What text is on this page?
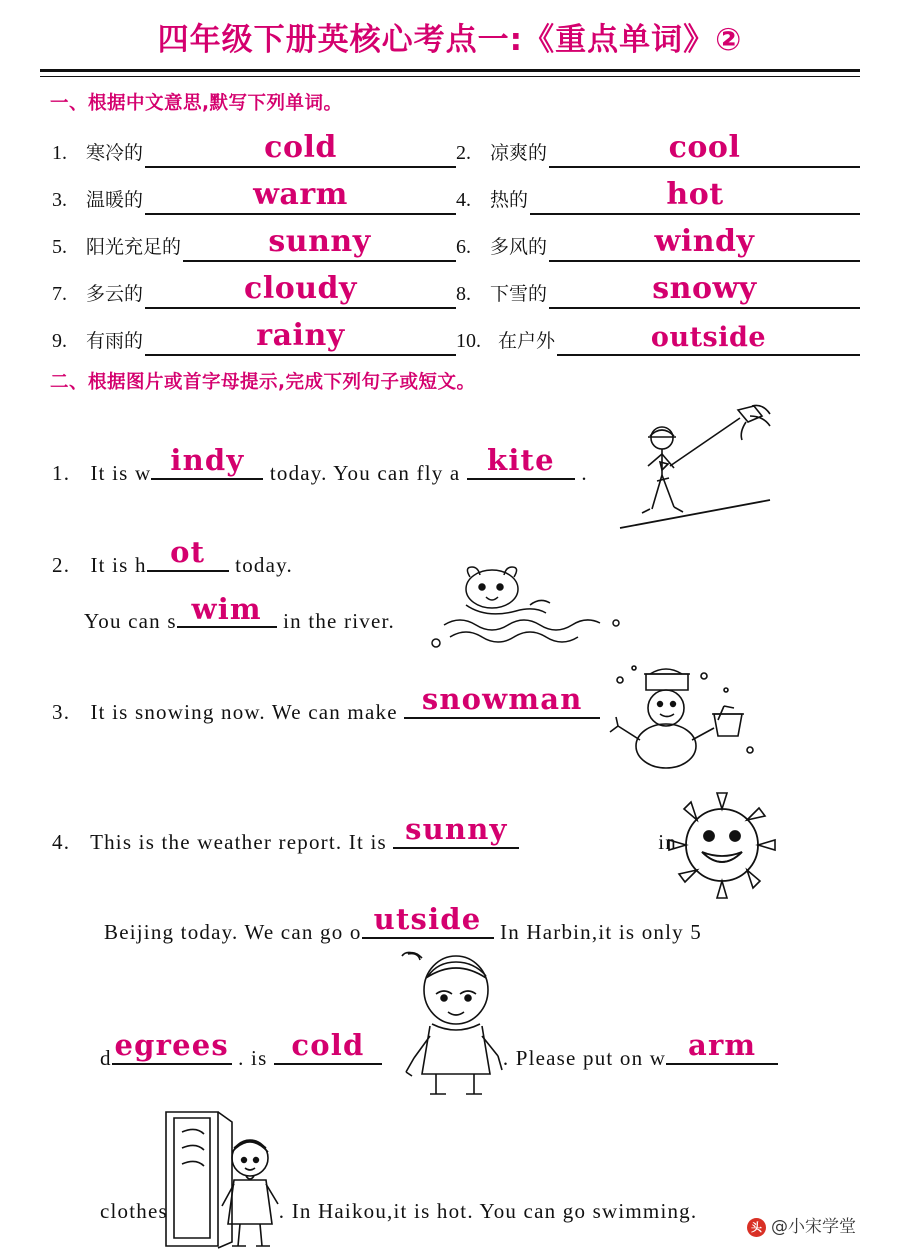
四年级下册英核心考点一:《重点单词》②
一、根据中文意思,默写下列单词。
1.	寒冷的	cold	2.	凉爽的	cool
3.	温暖的	warm	4.	热的	hot
5.	阳光充足的	sunny	6.	多风的	windy
7.	多云的	cloudy	8.	下雪的	snowy
9.	有雨的	rainy	10. 在户外	outside
二、根据图片或首字母提示,完成下列句子或短文。
1. It is w indy today. You can fly a kite .
2. It is h ot today.
You can s wim in the river.
3. It is snowing now. We can make snowman
4. This is the weather report. It is sunny	in
Beijing today. We can go o utside In Harbin,it is only 5
d egrees . is cold	. Please put on w arm
clothes	. In Haikou,it is hot. You can go swimming.
头条@小宋学堂
